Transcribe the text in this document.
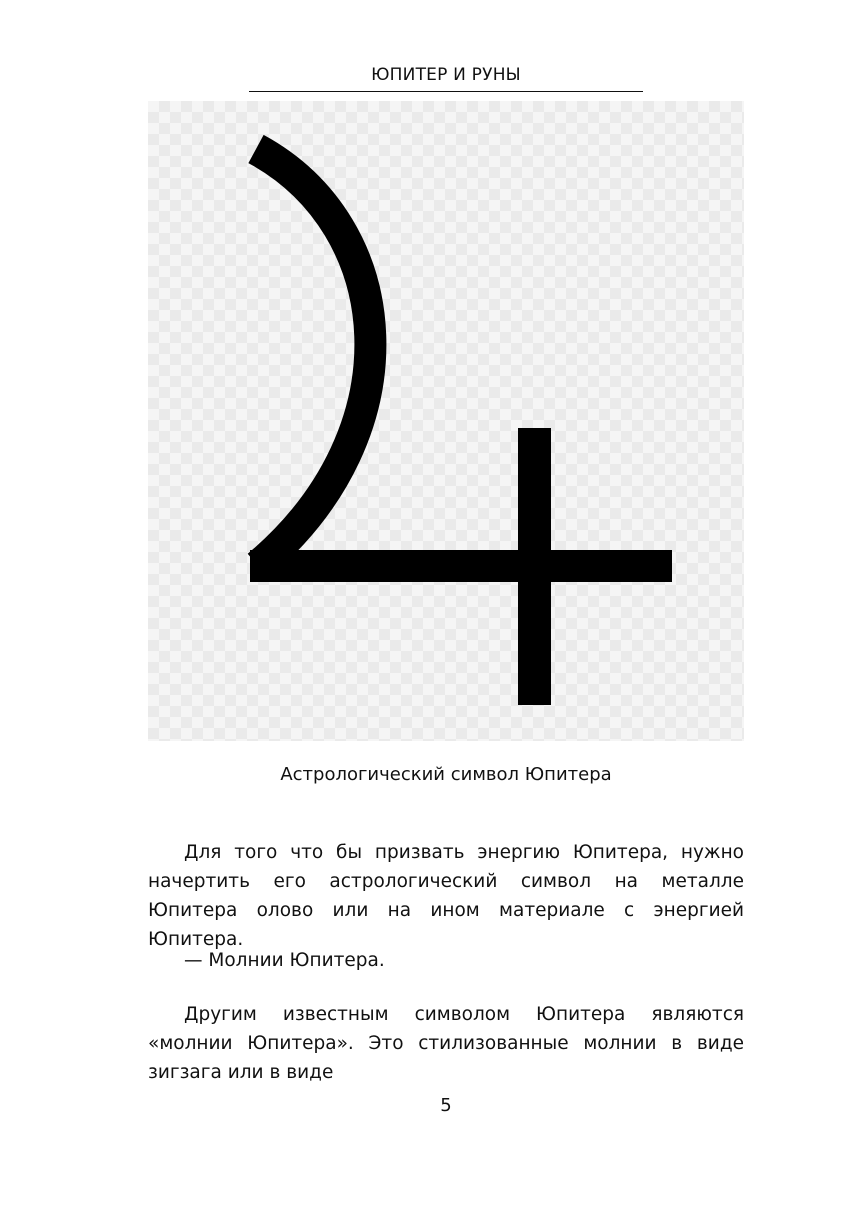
ЮПИТЕР И РУНЫ
Астрологический символ Юпитера

Для того что бы призвать энергию Юпитера, нужно начертить его астрологический символ на металле Юпитера олово или на ином материале с энергией Юпитера.

— Молнии Юпитера.

Другим известным символом Юпитера являются «молнии Юпитера». Это стилизованные молнии в виде зигзага или в виде

5
